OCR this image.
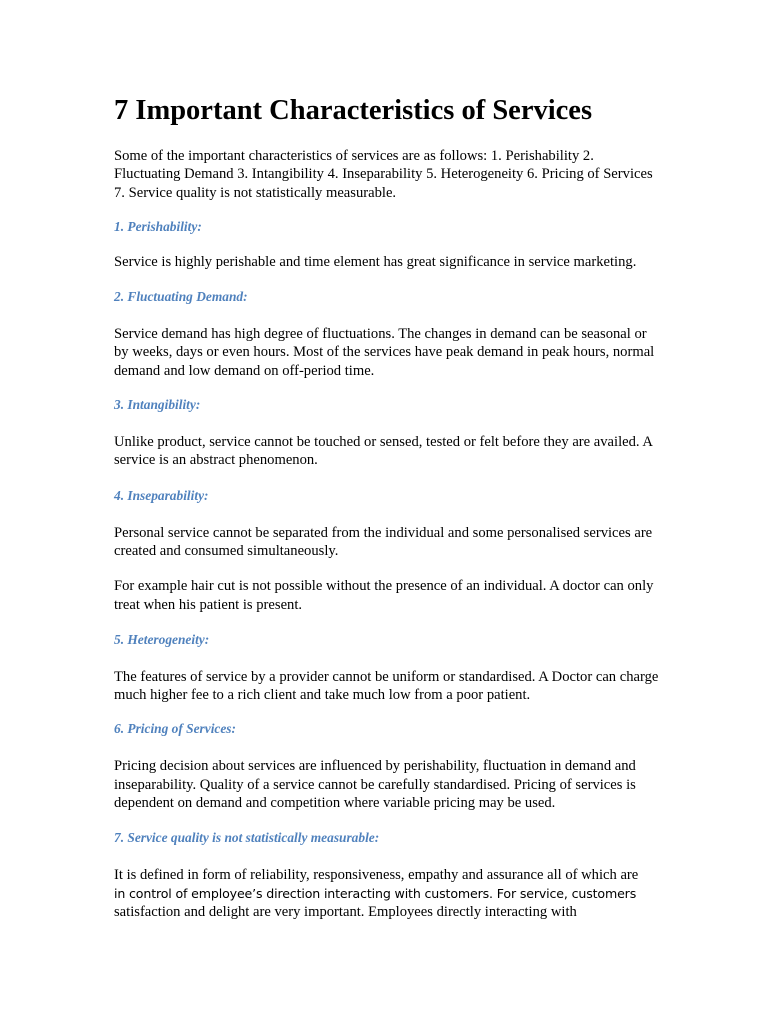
7 Important Characteristics of Services

Some of the important characteristics of services are as follows: 1. Perishability 2. Fluctuating Demand 3. Intangibility 4. Inseparability 5. Heterogeneity 6. Pricing of Services 7. Service quality is not statistically measurable.

1. Perishability:

Service is highly perishable and time element has great significance in service marketing.

2. Fluctuating Demand:

Service demand has high degree of fluctuations. The changes in demand can be seasonal or by weeks, days or even hours. Most of the services have peak demand in peak hours, normal demand and low demand on off-period time.

3. Intangibility:

Unlike product, service cannot be touched or sensed, tested or felt before they are availed. A service is an abstract phenomenon.

4. Inseparability:

Personal service cannot be separated from the individual and some personalised services are created and consumed simultaneously.

For example hair cut is not possible without the presence of an individual. A doctor can only treat when his patient is present.

5. Heterogeneity:

The features of service by a provider cannot be uniform or standardised. A Doctor can charge much higher fee to a rich client and take much low from a poor patient.

6. Pricing of Services:

Pricing decision about services are influenced by perishability, fluctuation in demand and inseparability. Quality of a service cannot be carefully standardised. Pricing of services is dependent on demand and competition where variable pricing may be used.

7. Service quality is not statistically measurable:

It is defined in form of reliability, responsiveness, empathy and assurance all of which are
in control of employee’s direction interacting with customers. For service, customers
satisfaction and delight are very important. Employees directly interacting with
